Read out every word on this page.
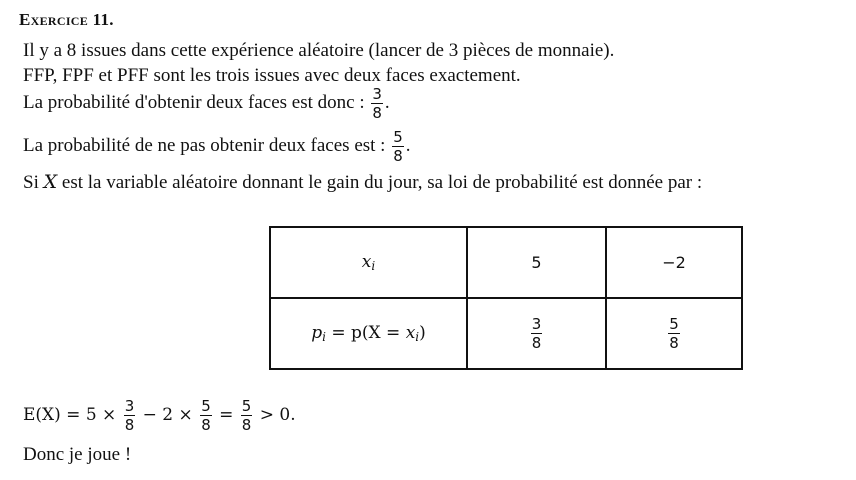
Exercice 11.
Il y a 8 issues dans cette expérience aléatoire (lancer de 3 pièces de monnaie).
FFP, FPF et PFF sont les trois issues avec deux faces exactement.
La probabilité d'obtenir deux faces est donc : $\frac{3}{8}$ .
La probabilité de ne pas obtenir deux faces est : $\frac{5}{8}$ .
Si X est la variable aléatoire donnant le gain du jour, sa loi de probabilité est donnée par :
$x_i$	5	−2
$p_i = p(X = x_i)$	$\frac{3}{8}$	$\frac{5}{8}$
$E(X) = 5 \times \frac{3}{8} - 2 \times \frac{5}{8} = \frac{5}{8} > 0$.
Donc je joue !
